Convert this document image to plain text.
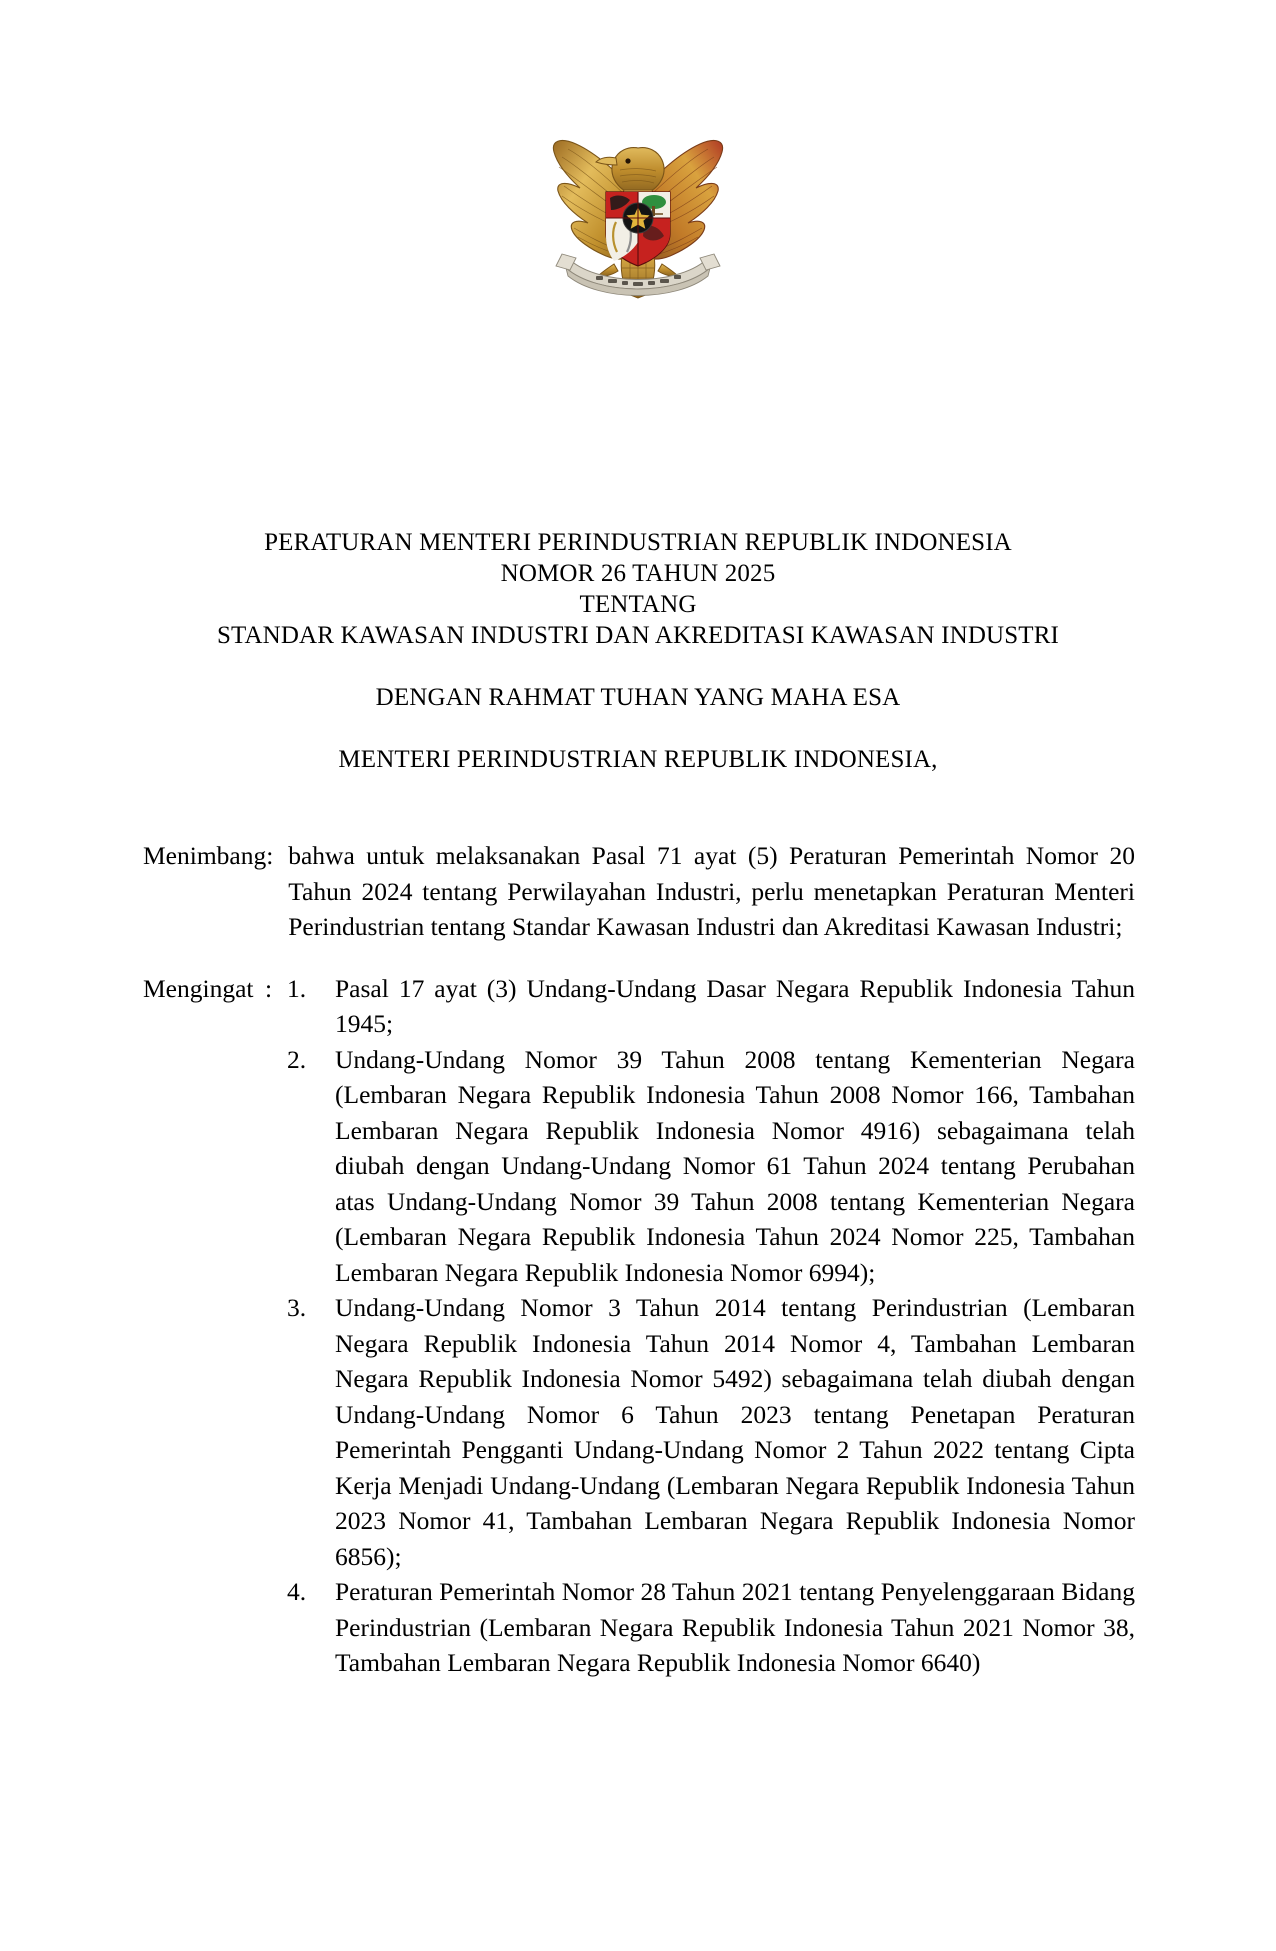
PERATURAN MENTERI PERINDUSTRIAN REPUBLIK INDONESIA
NOMOR 26 TAHUN 2025
TENTANG
STANDAR KAWASAN INDUSTRI DAN AKREDITASI KAWASAN INDUSTRI
DENGAN RAHMAT TUHAN YANG MAHA ESA
MENTERI PERINDUSTRIAN REPUBLIK INDONESIA,
Menimbang : bahwa untuk melaksanakan Pasal 71 ayat (5) Peraturan Pemerintah Nomor 20 Tahun 2024 tentang Perwilayahan Industri, perlu menetapkan Peraturan Menteri Perindustrian tentang Standar Kawasan Industri dan Akreditasi Kawasan Industri;

Mengingat : 1.	Pasal 17 ayat (3) Undang-Undang Dasar Negara Republik Indonesia Tahun 1945;
2.	Undang-Undang Nomor 39 Tahun 2008 tentang Kementerian Negara (Lembaran Negara Republik Indonesia Tahun 2008 Nomor 166, Tambahan Lembaran Negara Republik Indonesia Nomor 4916) sebagaimana telah diubah dengan Undang-Undang Nomor 61 Tahun 2024 tentang Perubahan atas Undang-Undang Nomor 39 Tahun 2008 tentang Kementerian Negara (Lembaran Negara Republik Indonesia Tahun 2024 Nomor 225, Tambahan Lembaran Negara Republik Indonesia Nomor 6994);
3.	Undang-Undang Nomor 3 Tahun 2014 tentang Perindustrian (Lembaran Negara Republik Indonesia Tahun 2014 Nomor 4, Tambahan Lembaran Negara Republik Indonesia Nomor 5492) sebagaimana telah diubah dengan Undang-Undang Nomor 6 Tahun 2023 tentang Penetapan Peraturan Pemerintah Pengganti Undang-Undang Nomor 2 Tahun 2022 tentang Cipta Kerja Menjadi Undang-Undang (Lembaran Negara Republik Indonesia Tahun 2023 Nomor 41, Tambahan Lembaran Negara Republik Indonesia Nomor 6856);
4.	Peraturan Pemerintah Nomor 28 Tahun 2021 tentang Penyelenggaraan Bidang Perindustrian (Lembaran Negara Republik Indonesia Tahun 2021 Nomor 38, Tambahan Lembaran Negara Republik Indonesia Nomor 6640)
